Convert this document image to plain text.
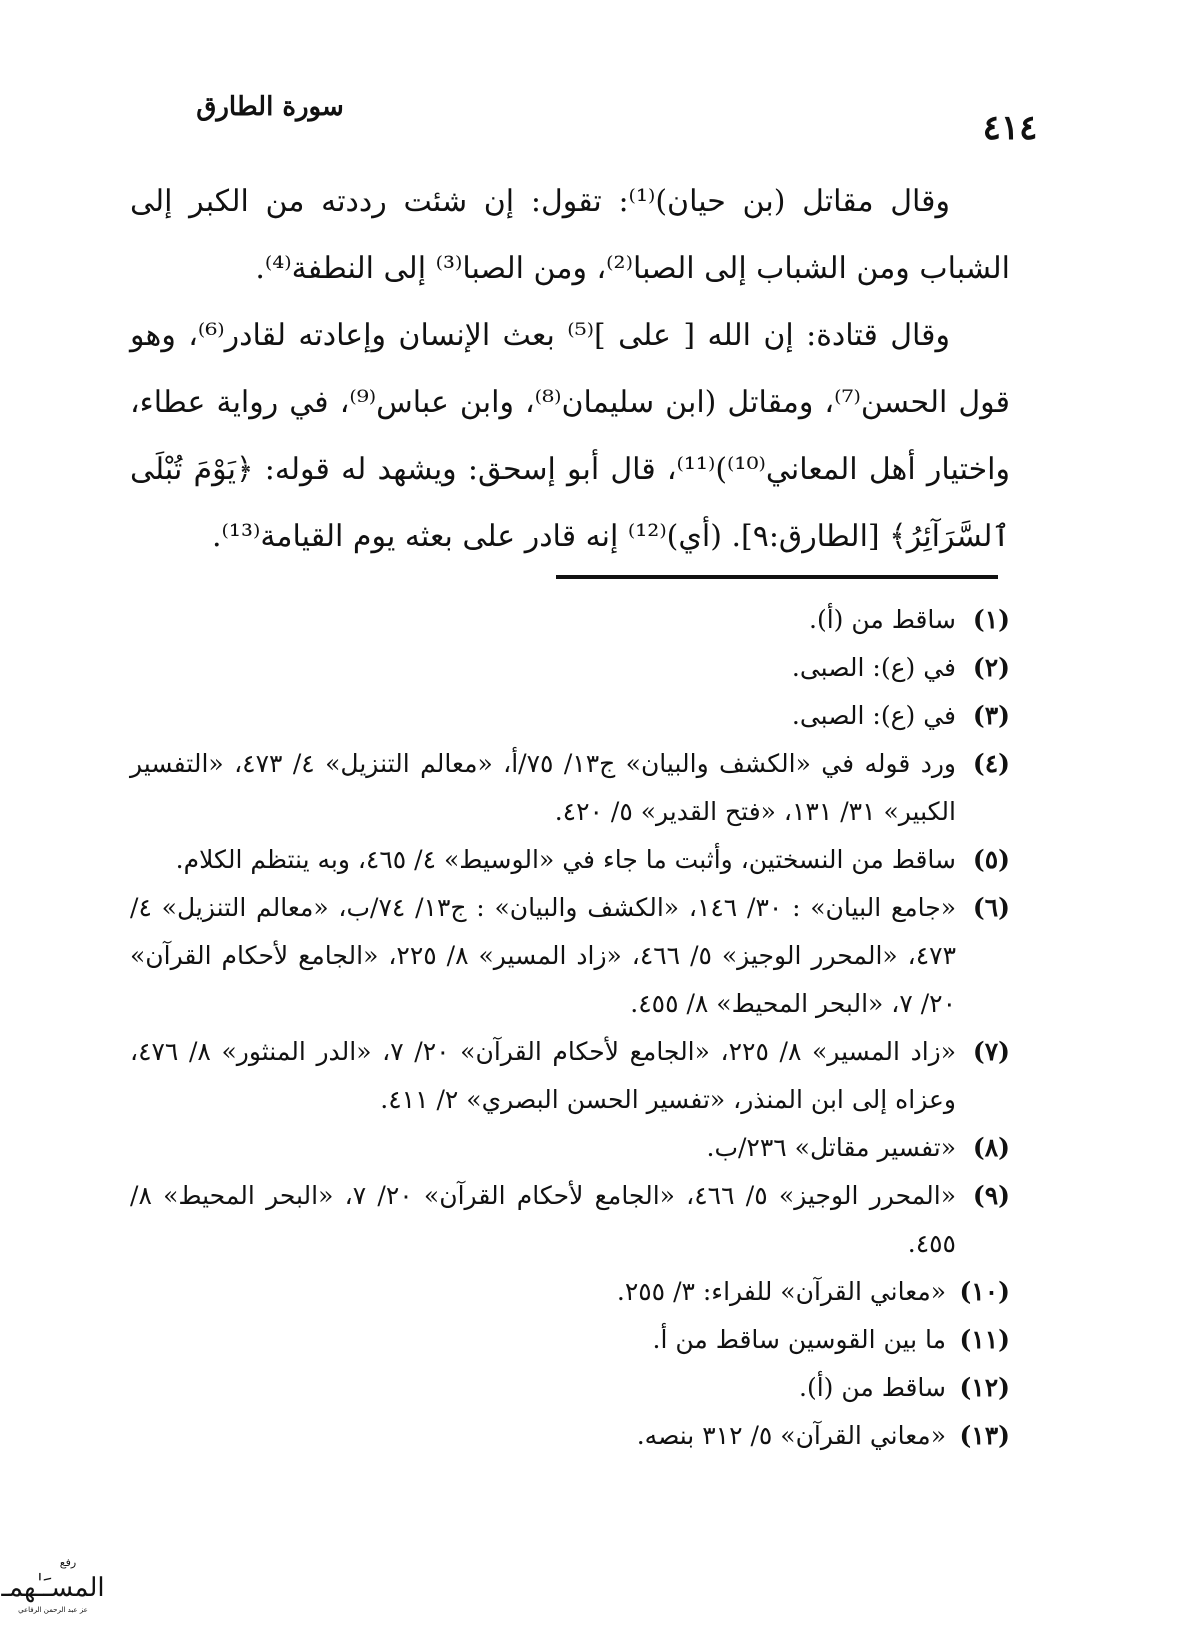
سورة الطارق
٤١٤

وقال مقاتل (بن حيان)⁽¹⁾: تقول: إن شئت رددته من الكبر إلى الشباب ومن الشباب إلى الصبا⁽²⁾، ومن الصبا⁽³⁾ إلى النطفة⁽⁴⁾.

وقال قتادة: إن الله [ على ]⁽⁵⁾ بعث الإنسان وإعادته لقادر⁽⁶⁾، وهو قول الحسن⁽⁷⁾، ومقاتل (ابن سليمان⁽⁸⁾، وابن عباس⁽⁹⁾، في رواية عطاء، واختيار أهل المعاني⁽¹⁰⁾)⁽¹¹⁾، قال أبو إسحق: ويشهد له قوله: ﴿يَوْمَ تُبْلَى ٱلسَّرَآئِرُ﴾ [الطارق:٩]. (أي)⁽¹²⁾ إنه قادر على بعثه يوم القيامة⁽¹³⁾.

(١)
ساقط من (أ).
(٢)
في (ع): الصبى.
(٣)
في (ع): الصبى.
(٤)
ورد قوله في «الكشف والبيان» ج١٣/ ٧٥/أ، «معالم التنزيل» ٤/ ٤٧٣، «التفسير الكبير» ٣١/ ١٣١، «فتح القدير» ٥/ ٤٢٠.
(٥)
ساقط من النسختين، وأثبت ما جاء في «الوسيط» ٤/ ٤٦٥، وبه ينتظم الكلام.
(٦)
«جامع البيان» : ٣٠/ ١٤٦، «الكشف والبيان» : ج١٣/ ٧٤/ب، «معالم التنزيل» ٤/ ٤٧٣، «المحرر الوجيز» ٥/ ٤٦٦، «زاد المسير» ٨/ ٢٢٥، «الجامع لأحكام القرآن» ٢٠/ ٧، «البحر المحيط» ٨/ ٤٥٥.
(٧)
«زاد المسير» ٨/ ٢٢٥، «الجامع لأحكام القرآن» ٢٠/ ٧، «الدر المنثور» ٨/ ٤٧٦، وعزاه إلى ابن المنذر، «تفسير الحسن البصري» ٢/ ٤١١.
(٨)
«تفسير مقاتل» ٢٣٦/ب.
(٩)
«المحرر الوجيز» ٥/ ٤٦٦، «الجامع لأحكام القرآن» ٢٠/ ٧، «البحر المحيط» ٨/ ٤٥٥.
(١٠)
«معاني القرآن» للفراء: ٣/ ٢٥٥.
(١١)
ما بين القوسين ساقط من أ.
(١٢)
ساقط من (أ).
(١٣)
«معاني القرآن» ٥/ ٣١٢ بنصه.
رفع
المسـَـٰهمـ
عز عبد الرحمن الرفاعي
